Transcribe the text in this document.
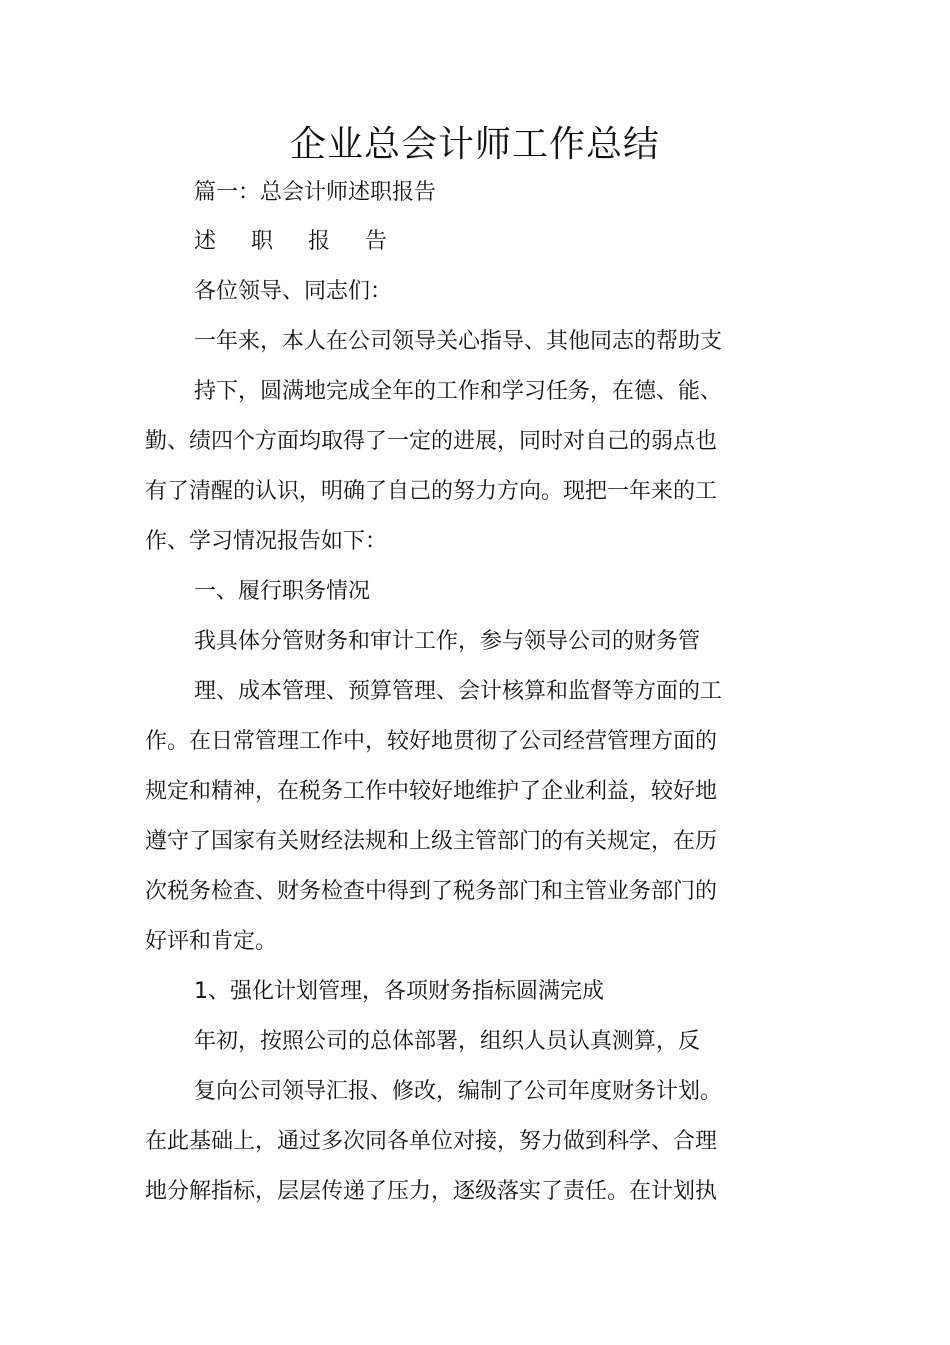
企业总会计师工作总结

篇一：总会计师述职报告

述 职 报 告

各位领导、同志们：

一年来，本人在公司领导关心指导、其他同志的帮助支

持下，圆满地完成全年的工作和学习任务，在德、能、

勤、绩四个方面均取得了一定的进展，同时对自己的弱点也

有了清醒的认识，明确了自己的努力方向。现把一年来的工

作、学习情况报告如下：

一、履行职务情况

我具体分管财务和审计工作，参与领导公司的财务管

理、成本管理、预算管理、会计核算和监督等方面的工

作。在日常管理工作中，较好地贯彻了公司经营管理方面的

规定和精神，在税务工作中较好地维护了企业利益，较好地

遵守了国家有关财经法规和上级主管部门的有关规定，在历

次税务检查、财务检查中得到了税务部门和主管业务部门的

好评和肯定。

1、强化计划管理，各项财务指标圆满完成

年初，按照公司的总体部署，组织人员认真测算，反

复向公司领导汇报、修改，编制了公司年度财务计划。

在此基础上，通过多次同各单位对接，努力做到科学、合理

地分解指标，层层传递了压力，逐级落实了责任。在计划执
